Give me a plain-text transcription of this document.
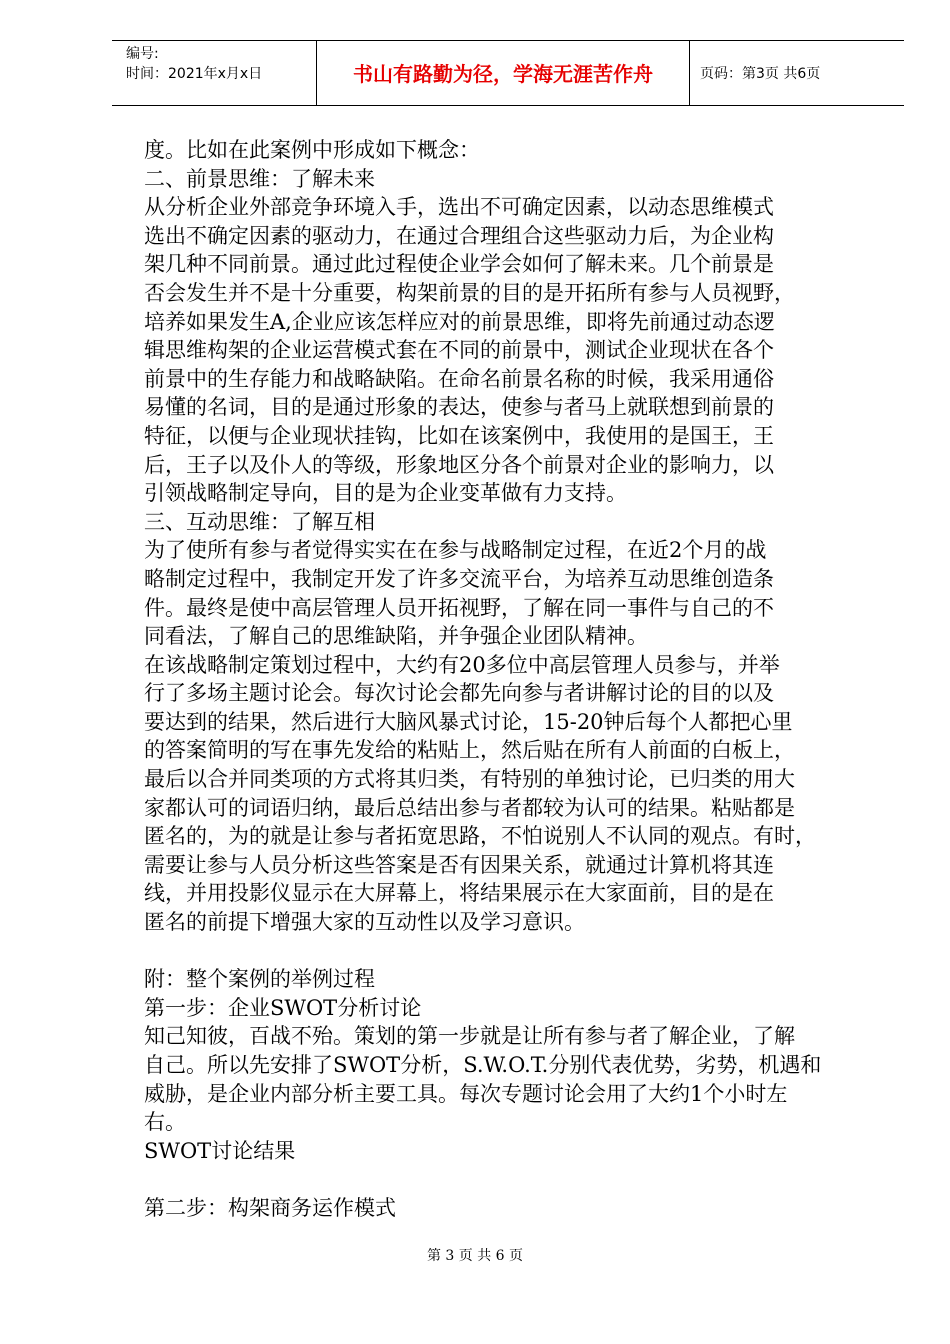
编号:
时间：2021年x月x日	书山有路勤为径，学海无涯苦作舟	页码：第3页 共6页

度。比如在此案例中形成如下概念：

二、前景思维：了解未来

从分析企业外部竞争环境入手，选出不可确定因素，以动态思维模式

选出不确定因素的驱动力，在通过合理组合这些驱动力后，为企业构

架几种不同前景。通过此过程使企业学会如何了解未来。几个前景是

否会发生并不是十分重要，构架前景的目的是开拓所有参与人员视野，

培养如果发生A,企业应该怎样应对的前景思维，即将先前通过动态逻

辑思维构架的企业运营模式套在不同的前景中，测试企业现状在各个

前景中的生存能力和战略缺陷。在命名前景名称的时候，我采用通俗

易懂的名词，目的是通过形象的表达，使参与者马上就联想到前景的

特征，以便与企业现状挂钩，比如在该案例中，我使用的是国王，王

后，王子以及仆人的等级，形象地区分各个前景对企业的影响力，以

引领战略制定导向，目的是为企业变革做有力支持。

三、互动思维：了解互相

为了使所有参与者觉得实实在在参与战略制定过程，在近2个月的战

略制定过程中，我制定开发了许多交流平台，为培养互动思维创造条

件。最终是使中高层管理人员开拓视野，了解在同一事件与自己的不

同看法，了解自己的思维缺陷，并争强企业团队精神。

在该战略制定策划过程中，大约有20多位中高层管理人员参与，并举

行了多场主题讨论会。每次讨论会都先向参与者讲解讨论的目的以及

要达到的结果，然后进行大脑风暴式讨论，15-20钟后每个人都把心里

的答案简明的写在事先发给的粘贴上，然后贴在所有人前面的白板上，

最后以合并同类项的方式将其归类，有特别的单独讨论，已归类的用大

家都认可的词语归纳，最后总结出参与者都较为认可的结果。粘贴都是

匿名的，为的就是让参与者拓宽思路，不怕说别人不认同的观点。有时，

需要让参与人员分析这些答案是否有因果关系，就通过计算机将其连

线，并用投影仪显示在大屏幕上，将结果展示在大家面前，目的是在

匿名的前提下增强大家的互动性以及学习意识。

附：整个案例的举例过程

第一步：企业SWOT分析讨论

知己知彼，百战不殆。策划的第一步就是让所有参与者了解企业，了解

自己。所以先安排了SWOT分析，S.W.O.T.分别代表优势，劣势，机遇和

威胁，是企业内部分析主要工具。每次专题讨论会用了大约1个小时左

右。

SWOT讨论结果

第二步：构架商务运作模式

第 3 页 共 6 页
